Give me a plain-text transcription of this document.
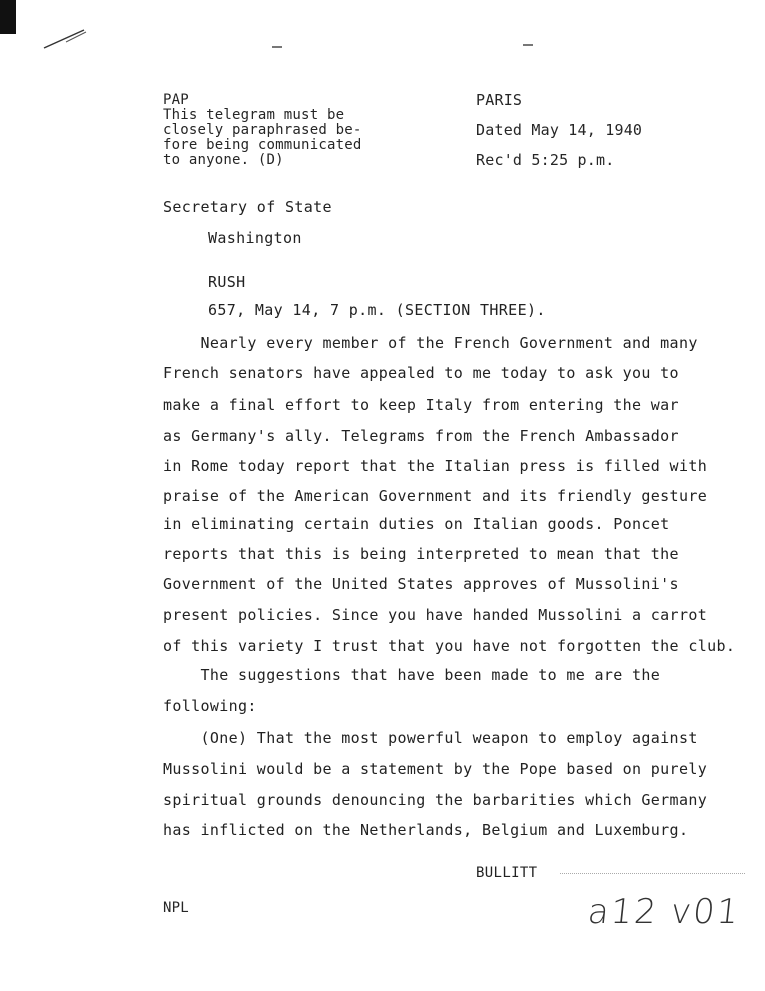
PAP
This telegram must be
closely paraphrased be-
fore being communicated
to anyone. (D)
PARIS
Dated May 14, 1940
Rec'd 5:25 p.m.
Secretary of State
Washington
RUSH
657, May 14, 7 p.m. (SECTION THREE).
Nearly every member of the French Government and many
French senators have appealed to me today to ask you to
make a final effort to keep Italy from entering the war
as Germany's ally. Telegrams from the French Ambassador
in Rome today report that the Italian press is filled with
praise of the American Government and its friendly gesture
in eliminating certain duties on Italian goods. Poncet
reports that this is being interpreted to mean that the
Government of the United States approves of Mussolini's
present policies. Since you have handed Mussolini a carrot
of this variety I trust that you have not forgotten the club.
The suggestions that have been made to me are the
following:
(One) That the most powerful weapon to employ against
Mussolini would be a statement by the Pope based on purely
spiritual grounds denouncing the barbarities which Germany
has inflicted on the Netherlands, Belgium and Luxemburg.
BULLITT
NPL	a12 v01
